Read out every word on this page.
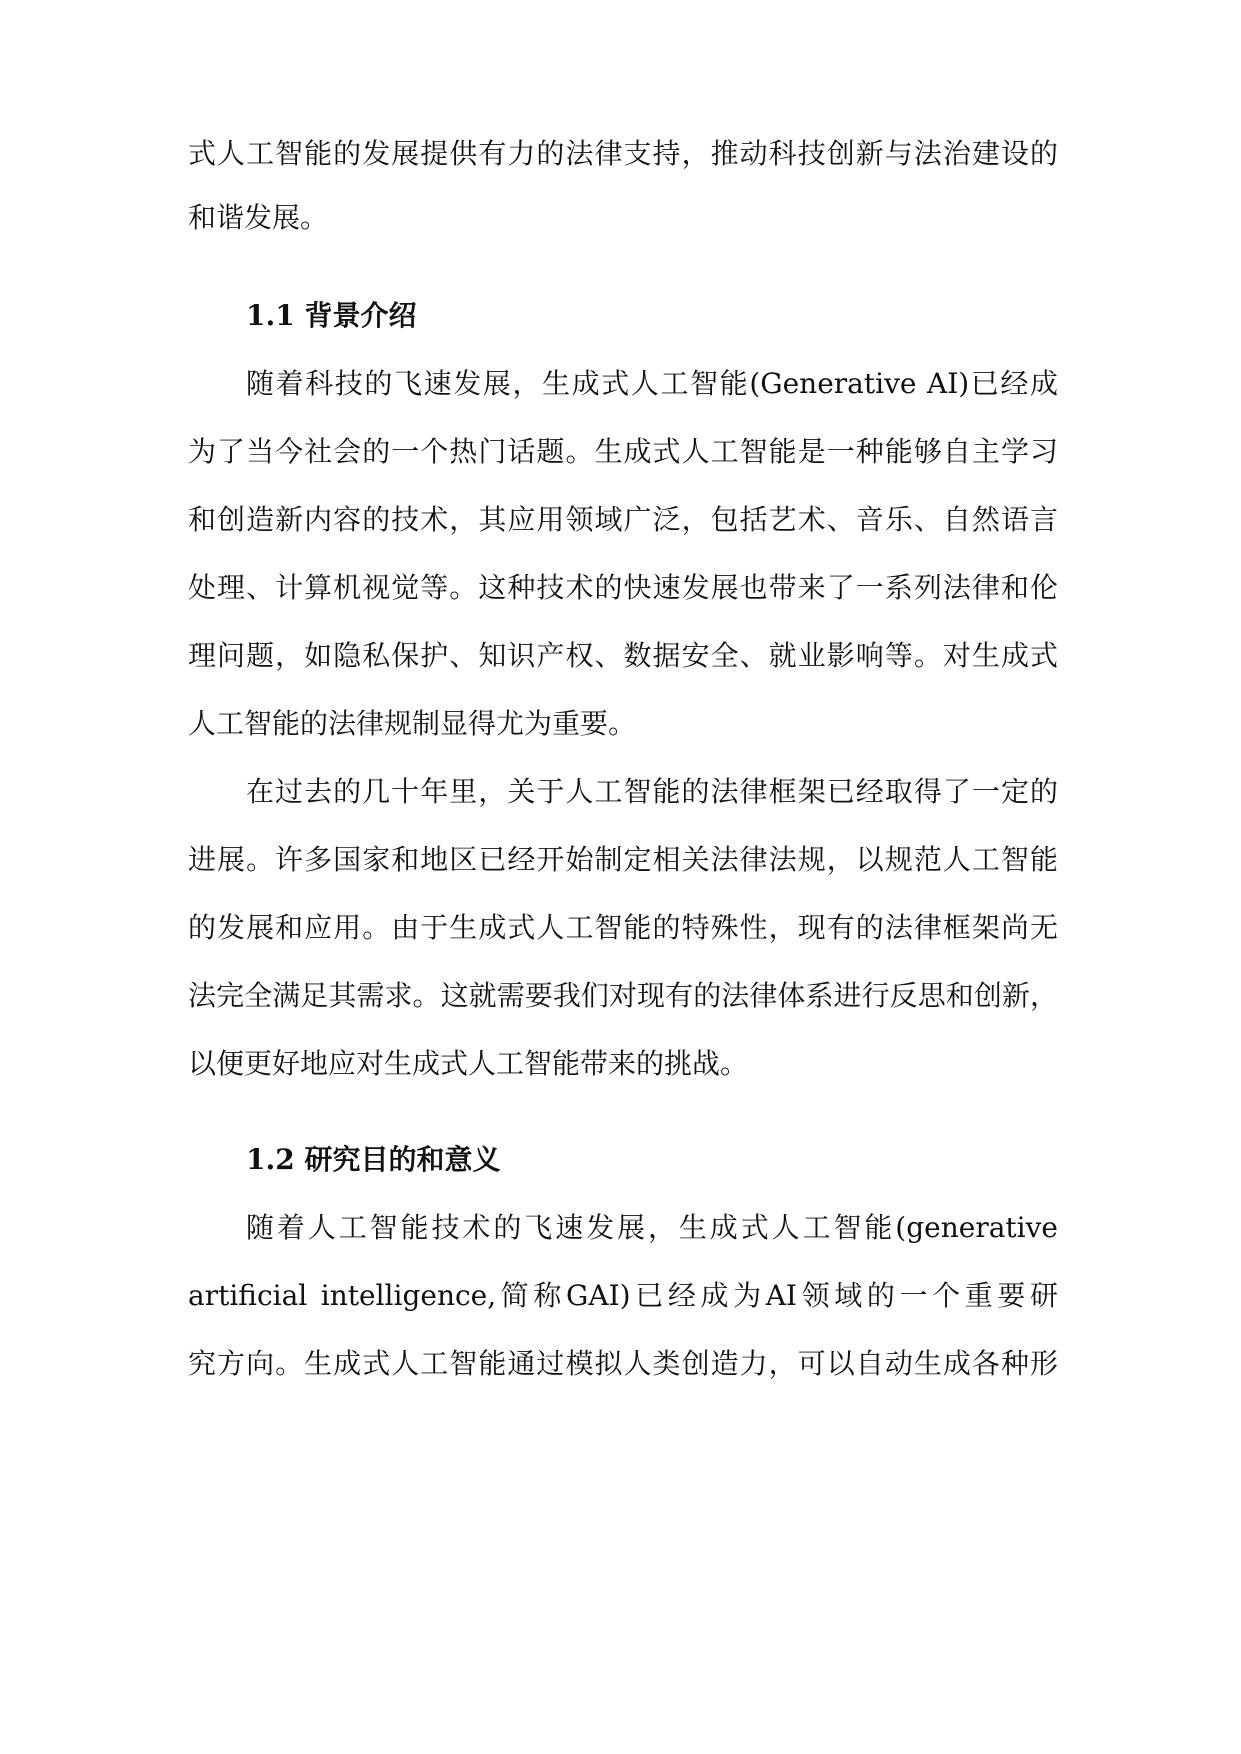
式人工智能的发展提供有力的法律支持，推动科技创新与法治建设的
和谐发展。
1.1 背景介绍
随着科技的飞速发展，生成式人工智能(Generative AI)已经成
为了当今社会的一个热门话题。生成式人工智能是一种能够自主学习
和创造新内容的技术，其应用领域广泛，包括艺术、音乐、自然语言
处理、计算机视觉等。这种技术的快速发展也带来了一系列法律和伦
理问题，如隐私保护、知识产权、数据安全、就业影响等。对生成式
人工智能的法律规制显得尤为重要。
在过去的几十年里，关于人工智能的法律框架已经取得了一定的
进展。许多国家和地区已经开始制定相关法律法规，以规范人工智能
的发展和应用。由于生成式人工智能的特殊性，现有的法律框架尚无
法完全满足其需求。这就需要我们对现有的法律体系进行反思和创新，
以便更好地应对生成式人工智能带来的挑战。
1.2 研究目的和意义
随着人工智能技术的飞速发展，生成式人工智能(generative
artificial intelligence,简称GAI)已经成为AI领域的一个重要研
究方向。生成式人工智能通过模拟人类创造力，可以自动生成各种形
